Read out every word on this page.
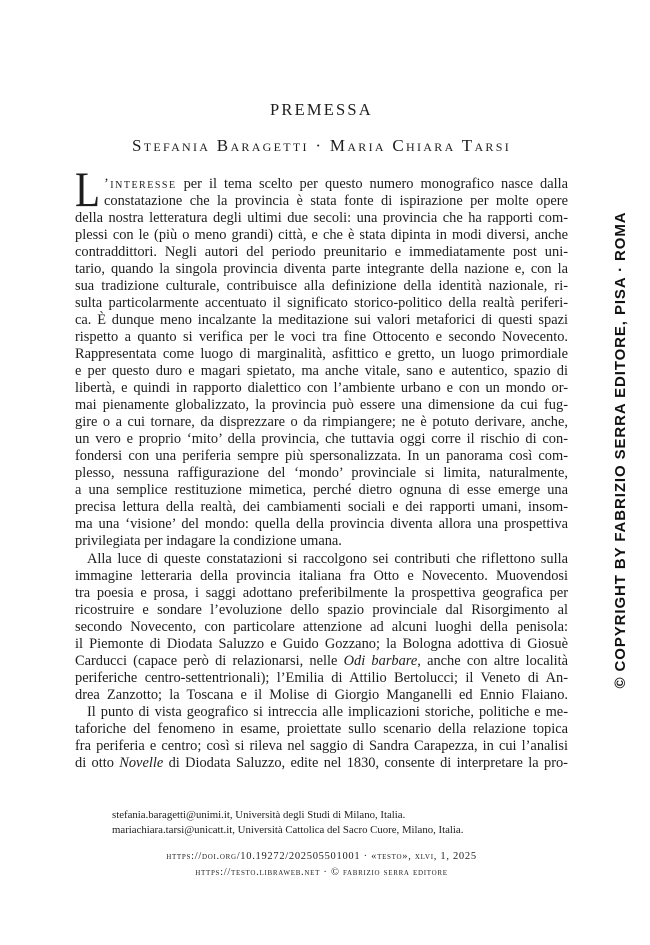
PREMESSA
Stefania Baragetti · Maria Chiara Tarsi
L ’interesse per il tema scelto per questo numero monografico nasce dalla
constatazione che la provincia è stata fonte di ispirazione per molte opere
della nostra letteratura degli ultimi due secoli: una provincia che ha rapporti com-
plessi con le (più o meno grandi) città, e che è stata dipinta in modi diversi, anche
contraddittori. Negli autori del periodo preunitario e immediatamente post uni-
tario, quando la singola provincia diventa parte integrante della nazione e, con la
sua tradizione culturale, contribuisce alla definizione della identità nazionale, ri-
sulta particolarmente accentuato il significato storico-politico della realtà periferi-
ca. È dunque meno incalzante la meditazione sui valori metaforici di questi spazi
rispetto a quanto si verifica per le voci tra fine Ottocento e secondo Novecento.
Rappresentata come luogo di marginalità, asfittico e gretto, un luogo primordiale
e per questo duro e magari spietato, ma anche vitale, sano e autentico, spazio di
libertà, e quindi in rapporto dialettico con l’ambiente urbano e con un mondo or-
mai pienamente globalizzato, la provincia può essere una dimensione da cui fug-
gire o a cui tornare, da disprezzare o da rimpiangere; ne è potuto derivare, anche,
un vero e proprio ‘mito’ della provincia, che tuttavia oggi corre il rischio di con-
fondersi con una periferia sempre più spersonalizzata. In un panorama così com-
plesso, nessuna raffigurazione del ‘mondo’ provinciale si limita, naturalmente,
a una semplice restituzione mimetica, perché dietro ognuna di esse emerge una
precisa lettura della realtà, dei cambiamenti sociali e dei rapporti umani, insom-
ma una ‘visione’ del mondo: quella della provincia diventa allora una prospettiva
privilegiata per indagare la condizione umana.
Alla luce di queste constatazioni si raccolgono sei contributi che riflettono sulla
immagine letteraria della provincia italiana fra Otto e Novecento. Muovendosi
tra poesia e prosa, i saggi adottano preferibilmente la prospettiva geografica per
ricostruire e sondare l’evoluzione dello spazio provinciale dal Risorgimento al
secondo Novecento, con particolare attenzione ad alcuni luoghi della penisola:
il Piemonte di Diodata Saluzzo e Guido Gozzano; la Bologna adottiva di Giosuè
Carducci (capace però di relazionarsi, nelle Odi barbare, anche con altre località
periferiche centro-settentrionali); l’Emilia di Attilio Bertolucci; il Veneto di An-
drea Zanzotto; la Toscana e il Molise di Giorgio Manganelli ed Ennio Flaiano.
Il punto di vista geografico si intreccia alle implicazioni storiche, politiche e me-
taforiche del fenomeno in esame, proiettate sullo scenario della relazione topica
fra periferia e centro; così si rileva nel saggio di Sandra Carapezza, in cui l’analisi
di otto Novelle di Diodata Saluzzo, edite nel 1830, consente di interpretare la pro-
stefania.baragetti@unimi.it, Università degli Studi di Milano, Italia.
mariachiara.tarsi@unicatt.it, Università Cattolica del Sacro Cuore, Milano, Italia.
https://doi.org/10.19272/202505501001 · «testo», xlvi, 1, 2025
https://testo.libraweb.net · © fabrizio serra editore
© COPYRIGHT BY FABRIZIO SERRA EDITORE, PISA · ROMA
